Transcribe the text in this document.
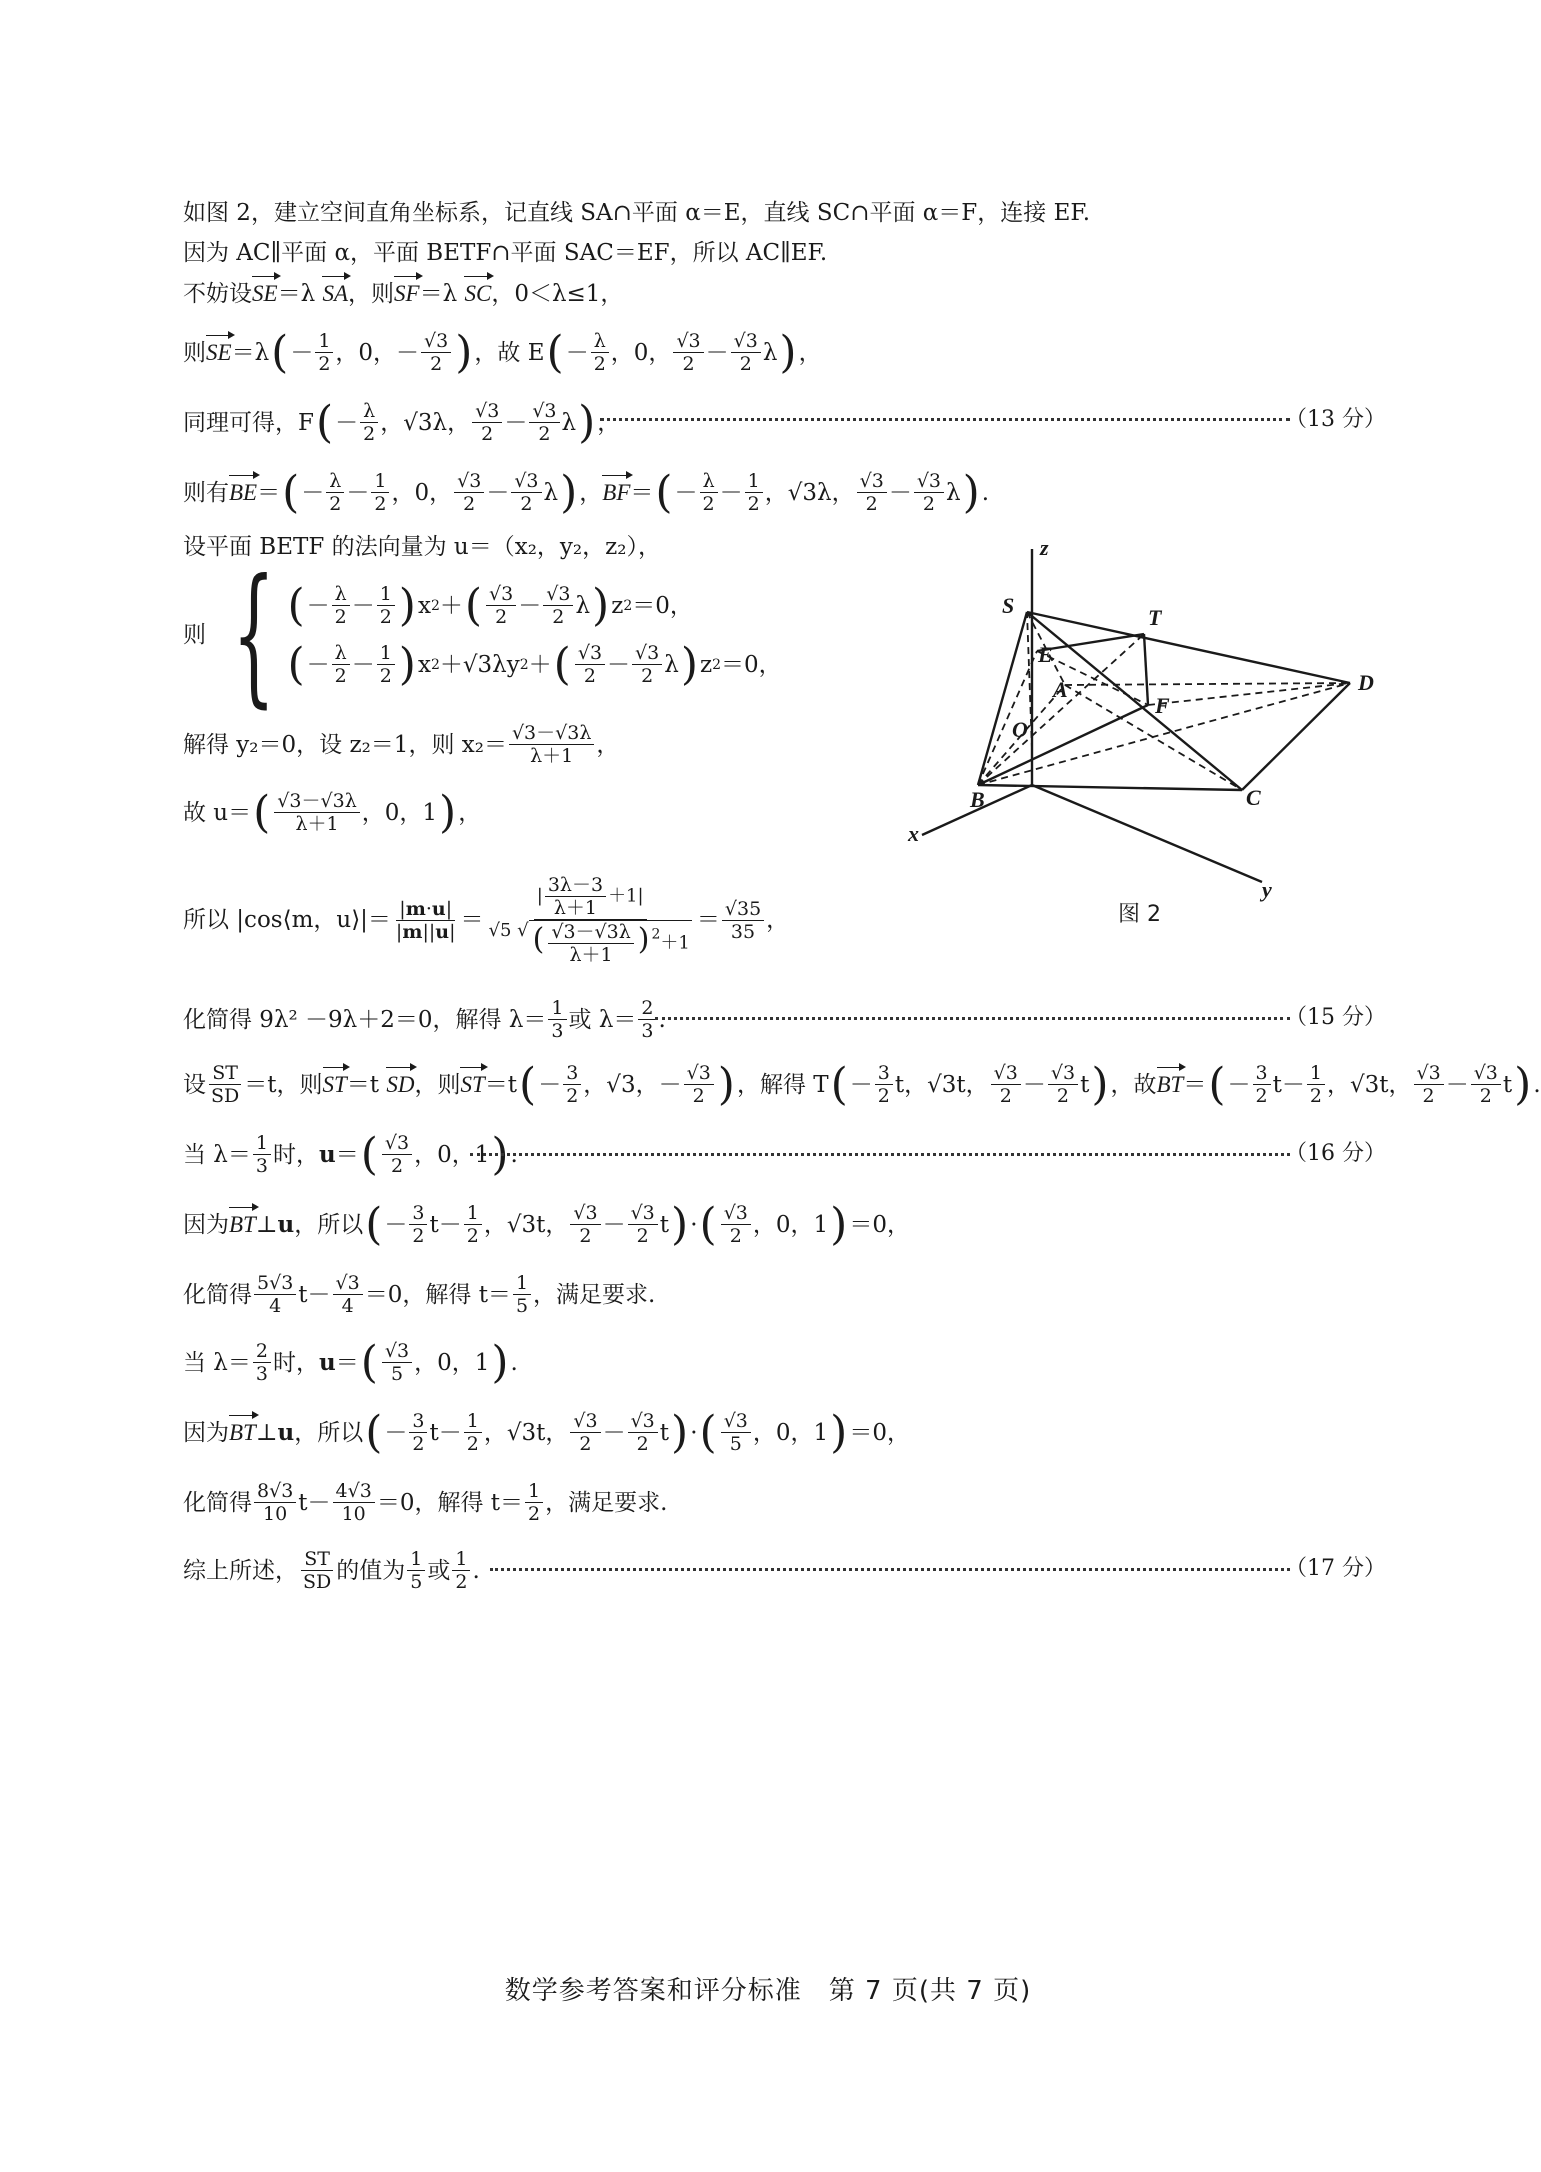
如图 2，建立空间直角坐标系，记直线 SA∩平面 α＝E，直线 SC∩平面 α＝F，连接 EF.
因为 AC∥平面 α，平面 BETF∩平面 SAC＝EF，所以 AC∥EF.
不妨设 SE ＝λ SA ，则 SF ＝λ SC ，0＜λ≤1，
则 SE ＝λ ( － $\frac{1}{2}$ ，0，－ $\frac{√3}{2}$ ) ，故 E ( － $\frac{\lambda}{2}$ ，0， $\frac{√3}{2} - \frac{√3}{2}$ λ ) ，
同理可得，F ( － $\frac{\lambda}{2}$ ，√3λ， $\frac{√3}{2} - \frac{√3}{2}$ λ ) ，	（13 分）
则有 BE ＝ ( － $\frac{\lambda}{2} - \frac{1}{2}$ ，0， $\frac{√3}{2} - \frac{√3}{2}$ λ ) ， BF ＝ ( － $\frac{\lambda}{2} - \frac{1}{2}$ ，√3λ， $\frac{√3}{2} - \frac{√3}{2}$ λ ) .
设平面 BETF 的法向量为 u＝（x₂，y₂，z₂），
则 { ( － $\frac{\lambda}{2} - \frac{1}{2}$ ) x 2 ＋ ( $\frac{√3}{2} - \frac{√3}{2}$ λ ) z 2 ＝0，
( － $\frac{\lambda}{2} - \frac{1}{2}$ ) x 2 ＋√3λy 2 ＋ ( $\frac{√3}{2} - \frac{√3}{2}$ λ ) z 2 ＝0，
解得 y₂＝0，设 z₂＝1，则 $x_2= \frac{√3-√3\lambda}{\lambda+1}$ ，
故 u＝ ( $\frac{√3-√3\lambda}{\lambda+1}$ ，0，1 ) ，
所以 |cos⟨m，u⟩|＝ $\frac{|m\cdot u|}{|m||u|} = \frac{| \frac{3\lambda-3}{\lambda+1} +1|}{√5 √ ( \frac{√3-√3\lambda}{\lambda+1} ) ^2+1} = \frac{√35}{35}$ ，
化简得 9λ² －9λ＋2＝0，解得 $\lambda= \frac{1}{3}$ 或 $\lambda= \frac{2}{3}$ .	（15 分）
设 $\frac{ST}{SD} =t$，则 ST ＝t SD ，则 ST ＝t ( － $\frac{3}{2}$ ，√3，－ $\frac{√3}{2}$ ) ，解得 T ( － $\frac{3}{2}$ t，√3t， $\frac{√3}{2} - \frac{√3}{2}$ t ) ，故 BT ＝ ( － $\frac{3}{2} t- \frac{1}{2}$ ，√3t， $\frac{√3}{2} - \frac{√3}{2}$ t ) .
当 $\lambda= \frac{1}{3}$ 时， u ＝ ( $\frac{√3}{2}$ ，0，1 ) .	（16 分）
因为 BT ⊥ u ，所以 ( － $\frac{3}{2} t- \frac{1}{2}$ ，√3t， $\frac{√3}{2} - \frac{√3}{2}$ t ) · ( $\frac{√3}{2}$ ，0，1 ) ＝0，
化简得 $\frac{5√3}{4} t- \frac{√3}{4} =0$，解得 $t= \frac{1}{5}$ ，满足要求.
当 $\lambda= \frac{2}{3}$ 时， u ＝ ( $\frac{√3}{5}$ ，0，1 ) .
因为 BT ⊥ u ，所以 ( － $\frac{3}{2} t- \frac{1}{2}$ ，√3t， $\frac{√3}{2} - \frac{√3}{2}$ t ) · ( $\frac{√3}{5}$ ，0，1 ) ＝0，
化简得 $\frac{8√3}{10} t- \frac{4√3}{10} =0$，解得 $t= \frac{1}{2}$ ，满足要求.
综上所述， $\frac{ST}{SD}$ 的值为 $\frac{1}{5}$ 或 $\frac{1}{2}$ .	（17 分）
z
S	T
E
A	D
F
O
B	C
x
y
图 2
数学参考答案和评分标准　第 7 页(共 7 页)
